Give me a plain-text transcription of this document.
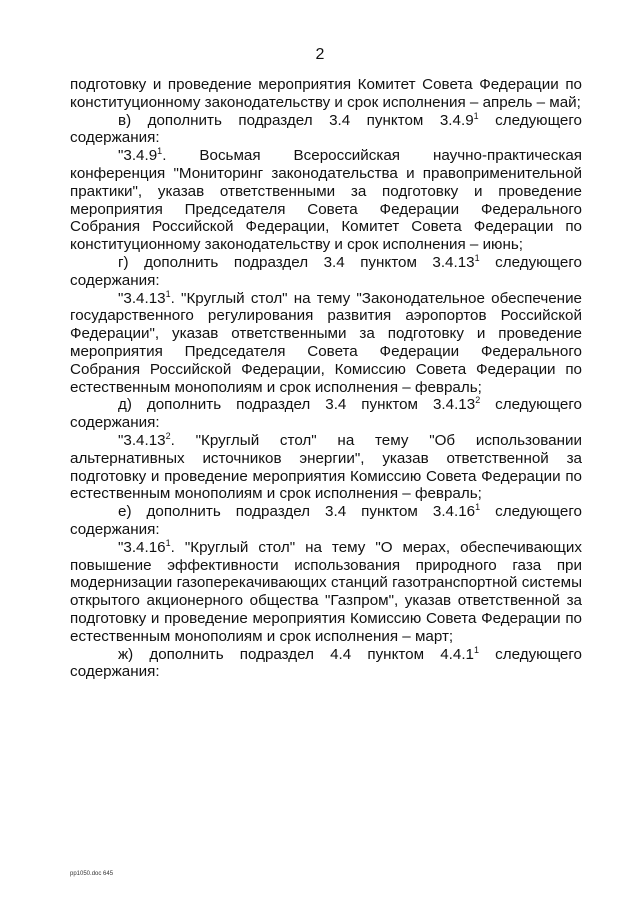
2

подготовку и проведение мероприятия Комитет Совета Федерации по конституционному законодательству и срок исполнения – апрель – май;

в) дополнить подраздел 3.4 пунктом 3.4.9$^1$ следующего содержания:

"3.4.9$^1$. Восьмая Всероссийская научно-практическая конференция "Мониторинг законодательства и правоприменительной практики", указав ответственными за подготовку и проведение мероприятия Председателя Совета Федерации Федерального Собрания Российской Федерации, Комитет Совета Федерации по конституционному законодательству и срок исполнения – июнь;

г) дополнить подраздел 3.4 пунктом 3.4.13$^1$ следующего содержания:

"3.4.13$^1$. "Круглый стол" на тему "Законодательное обеспечение государственного регулирования развития аэропортов Российской Федерации", указав ответственными за подготовку и проведение мероприятия Председателя Совета Федерации Федерального Собрания Российской Федерации, Комиссию Совета Федерации по естественным монополиям и срок исполнения – февраль;

д) дополнить подраздел 3.4 пунктом 3.4.13$^2$ следующего содержания:

"3.4.13$^2$. "Круглый стол" на тему "Об использовании альтернативных источников энергии", указав ответственной за подготовку и проведение мероприятия Комиссию Совета Федерации по естественным монополиям и срок исполнения – февраль;

е) дополнить подраздел 3.4 пунктом 3.4.16$^1$ следующего содержания:

"3.4.16$^1$. "Круглый стол" на тему "О мерах, обеспечивающих повышение эффективности использования природного газа при модернизации газоперекачивающих станций газотранспортной системы открытого акционерного общества "Газпром", указав ответственной за подготовку и проведение мероприятия Комиссию Совета Федерации по естественным монополиям и срок исполнения – март;

ж) дополнить подраздел 4.4 пунктом 4.4.1$^1$ следующего содержания:

pp1050.doc 645
